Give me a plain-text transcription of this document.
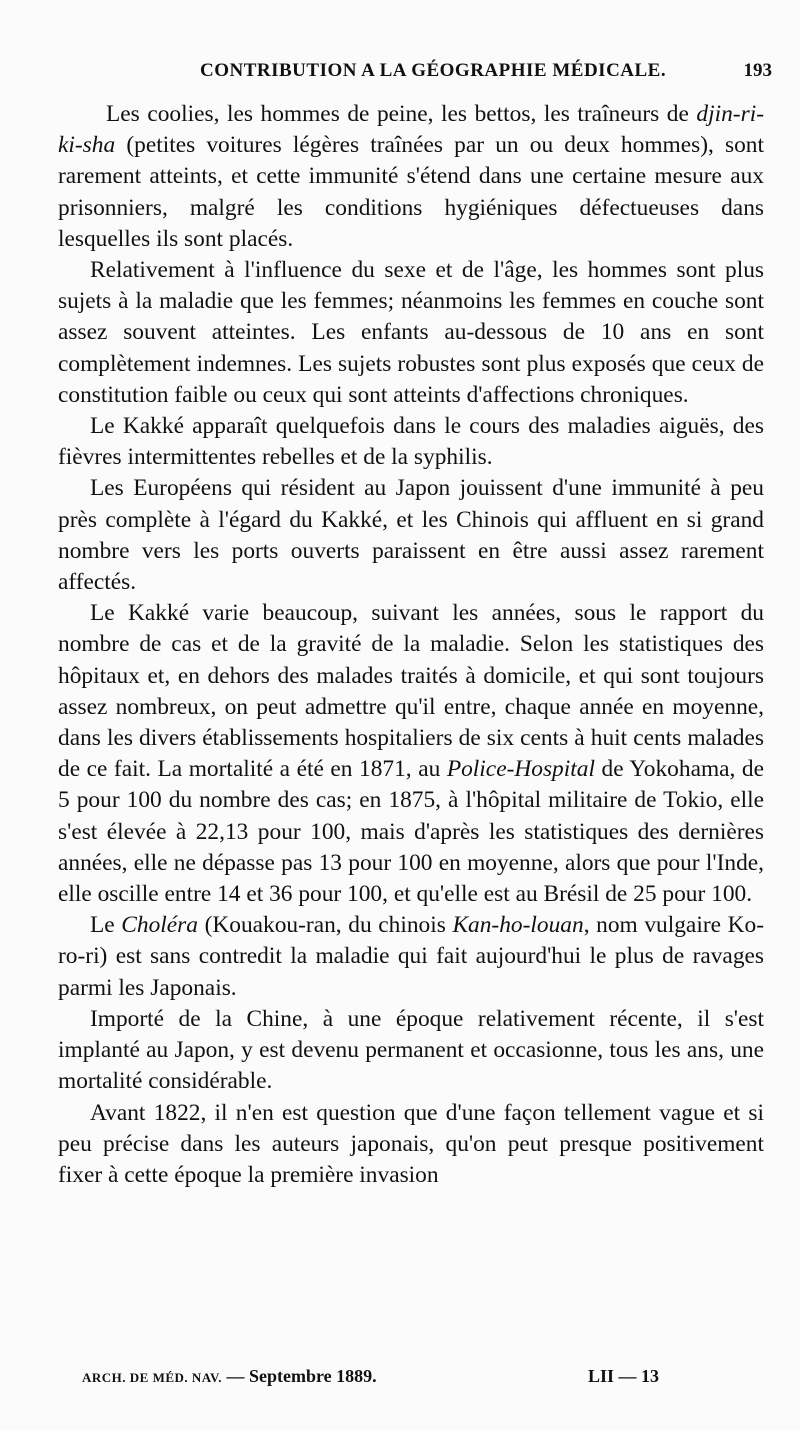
CONTRIBUTION A LA GÉOGRAPHIE MÉDICALE.	193

Les coolies, les hommes de peine, les bettos, les traîneurs de djin-ri-ki-sha (petites voitures légères traînées par un ou deux hommes), sont rarement atteints, et cette immunité s'étend dans une certaine mesure aux prisonniers, malgré les conditions hygiéniques défectueuses dans lesquelles ils sont placés.

Relativement à l'influence du sexe et de l'âge, les hommes sont plus sujets à la maladie que les femmes; néanmoins les femmes en couche sont assez souvent atteintes. Les enfants au-dessous de 10 ans en sont complètement indemnes. Les sujets robustes sont plus exposés que ceux de constitution faible ou ceux qui sont atteints d'affections chroniques.

Le Kakké apparaît quelquefois dans le cours des maladies aiguës, des fièvres intermittentes rebelles et de la syphilis.

Les Européens qui résident au Japon jouissent d'une immunité à peu près complète à l'égard du Kakké, et les Chinois qui affluent en si grand nombre vers les ports ouverts paraissent en être aussi assez rarement affectés.

Le Kakké varie beaucoup, suivant les années, sous le rapport du nombre de cas et de la gravité de la maladie. Selon les statistiques des hôpitaux et, en dehors des malades traités à domicile, et qui sont toujours assez nombreux, on peut admettre qu'il entre, chaque année en moyenne, dans les divers établissements hospitaliers de six cents à huit cents malades de ce fait. La mortalité a été en 1871, au Police-Hospital de Yokohama, de 5 pour 100 du nombre des cas; en 1875, à l'hôpital militaire de Tokio, elle s'est élevée à 22,13 pour 100, mais d'après les statistiques des dernières années, elle ne dépasse pas 13 pour 100 en moyenne, alors que pour l'Inde, elle oscille entre 14 et 36 pour 100, et qu'elle est au Brésil de 25 pour 100.

Le Choléra (Kouakou-ran, du chinois Kan-ho-louan, nom vulgaire Ko-ro-ri) est sans contredit la maladie qui fait aujourd'hui le plus de ravages parmi les Japonais.

Importé de la Chine, à une époque relativement récente, il s'est implanté au Japon, y est devenu permanent et occasionne, tous les ans, une mortalité considérable.

Avant 1822, il n'en est question que d'une façon tellement vague et si peu précise dans les auteurs japonais, qu'on peut presque positivement fixer à cette époque la première invasion

ARCH. DE MÉD. NAV. — Septembre 1889.	LII — 13
